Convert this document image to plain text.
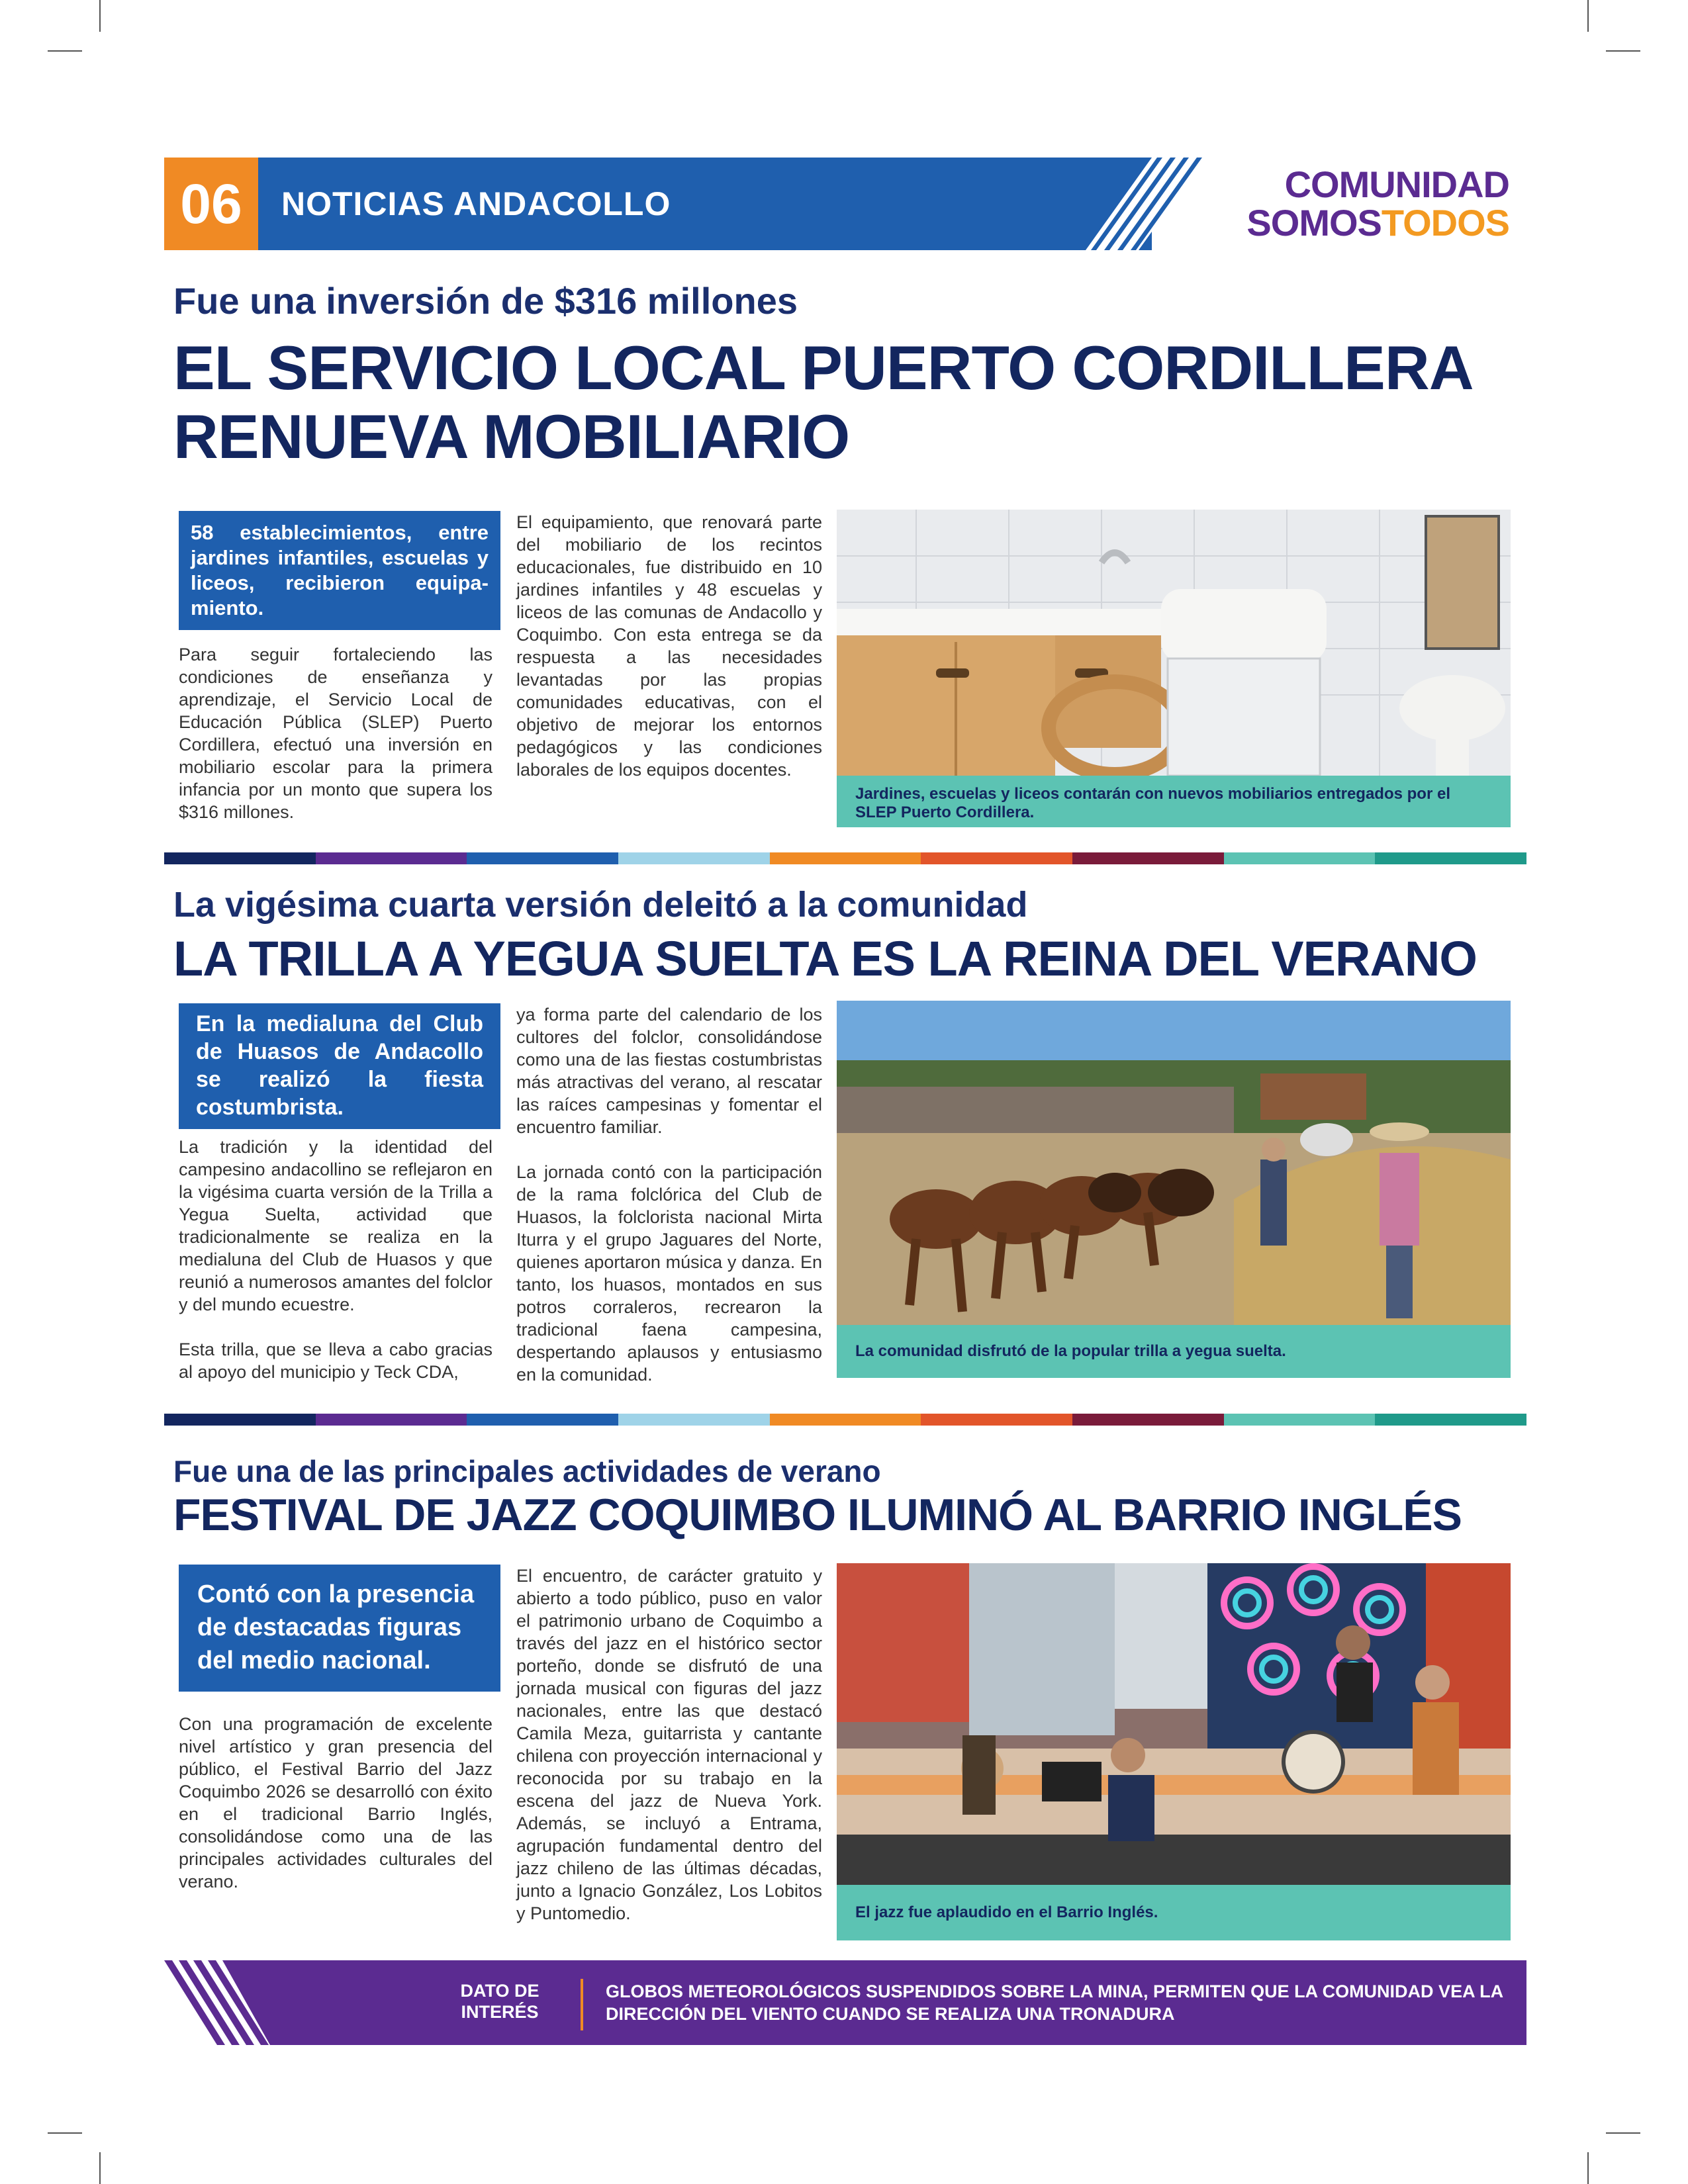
06	NOTICIAS ANDACOLLO	COMUNIDAD
SOMOSTODOS
Fue una inversión de $316 millones
EL SERVICIO LOCAL PUERTO CORDILLERA
RENUEVA MOBILIARIO
58 establecimientos, entre jardines infantiles, escuelas y liceos, recibieron equipa-miento.

Para seguir fortaleciendo las condiciones de enseñanza y aprendizaje, el Servicio Local de Educación Pública (SLEP) Puerto Cordillera, efectuó una inversión en mobiliario escolar para la primera infancia por un monto que supera los $316 millones.

El equipamiento, que renovará parte del mobiliario de los recintos educacionales, fue distribuido en 10 jardines infantiles y 48 escuelas y liceos de las comunas de Andacollo y Coquimbo. Con esta entrega se da respuesta a las necesidades levantadas por las propias comunidades educativas, con el objetivo de mejorar los entornos pedagógicos y las condiciones laborales de los equipos docentes.

Jardines, escuelas y liceos contarán con nuevos mobiliarios entregados por el SLEP Puerto Cordillera.
La vigésima cuarta versión deleitó a la comunidad
LA TRILLA A YEGUA SUELTA ES LA REINA DEL VERANO
En la medialuna del Club de Huasos de Andacollo se realizó la fiesta costumbrista.

La tradición y la identidad del campesino andacollino se reflejaron en la vigésima cuarta versión de la Trilla a Yegua Suelta, actividad que tradicionalmente se realiza en la medialuna del Club de Huasos y que reunió a numerosos amantes del folclor y del mundo ecuestre.

Esta trilla, que se lleva a cabo gracias al apoyo del municipio y Teck CDA,

ya forma parte del calendario de los cultores del folclor, consolidándose como una de las fiestas costumbristas más atractivas del verano, al rescatar las raíces campesinas y fomentar el encuentro familiar.

La jornada contó con la participación de la rama folclórica del Club de Huasos, la folclorista nacional Mirta Iturra y el grupo Jaguares del Norte, quienes aportaron música y danza. En tanto, los huasos, montados en sus potros corraleros, recrearon la tradicional faena campesina, despertando aplausos y entusiasmo en la comunidad.

La comunidad disfrutó de la popular trilla a yegua suelta.
Fue una de las principales actividades de verano
FESTIVAL DE JAZZ COQUIMBO ILUMINÓ AL BARRIO INGLÉS
Contó con la presencia de destacadas figuras del medio nacional.

Con una programación de excelente nivel artístico y gran presencia del público, el Festival Barrio del Jazz Coquimbo 2026 se desarrolló con éxito en el tradicional Barrio Inglés, consolidándose como una de las principales actividades culturales del verano.

El encuentro, de carácter gratuito y abierto a todo público, puso en valor el patrimonio urbano de Coquimbo a través del jazz en el histórico sector porteño, donde se disfrutó de una jornada musical con figuras del jazz nacionales, entre las que destacó Camila Meza, guitarrista y cantante chilena con proyección internacional y reconocida por su trabajo en la escena del jazz de Nueva York. Además, se incluyó a Entrama, agrupación fundamental dentro del jazz chileno de las últimas décadas, junto a Ignacio González, Los Lobitos y Puntomedio.	El jazz fue aplaudido en el Barrio Inglés.
DATO DE INTERÉS
GLOBOS METEOROLÓGICOS SUSPENDIDOS SOBRE LA MINA, PERMITEN QUE LA COMUNIDAD VEA LA DIRECCIÓN DEL VIENTO CUANDO SE REALIZA UNA TRONADURA
